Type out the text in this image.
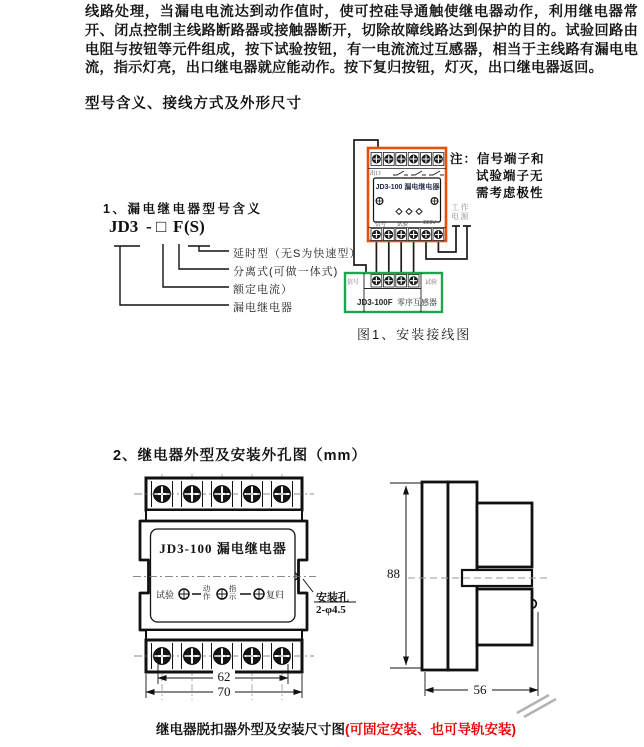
线路处理，当漏电电流达到动作值时，使可控硅导通触使继电器动作，利用继电器常开、闭点控制主线路断路器或接触器断开，切除故障线路达到保护的目的。试验回路由电阻与按钮等元件组成，按下试验按钮，有一电流流过互感器，相当于主线路有漏电电流，指示灯亮，出口继电器就应能动作。按下复归按钮，灯灭，出口继电器返回。
型号含义、接线方式及外形尺寸
1、漏电继电器型号含义
JD3 - □ F (S)
延时型（无S为快速型）
分离式(可做一体式)
额定电流）
漏电继电器
注：信号端子和
试验端子无
需考虑极性
出口
JD3-100 漏电继电器
信号 试验 ~220V
工作
电源
信号	试验
JD3-100F 零序互感器
图1、安装接线图
2、继电器外型及安装外孔图（mm）
JD3-100 漏电继电器
试验
动作
指示	复归	安装孔
2-φ4.5
62
70
88
56
继电器脱扣器外型及安装尺寸图(可固定安装、也可导轨安装)
